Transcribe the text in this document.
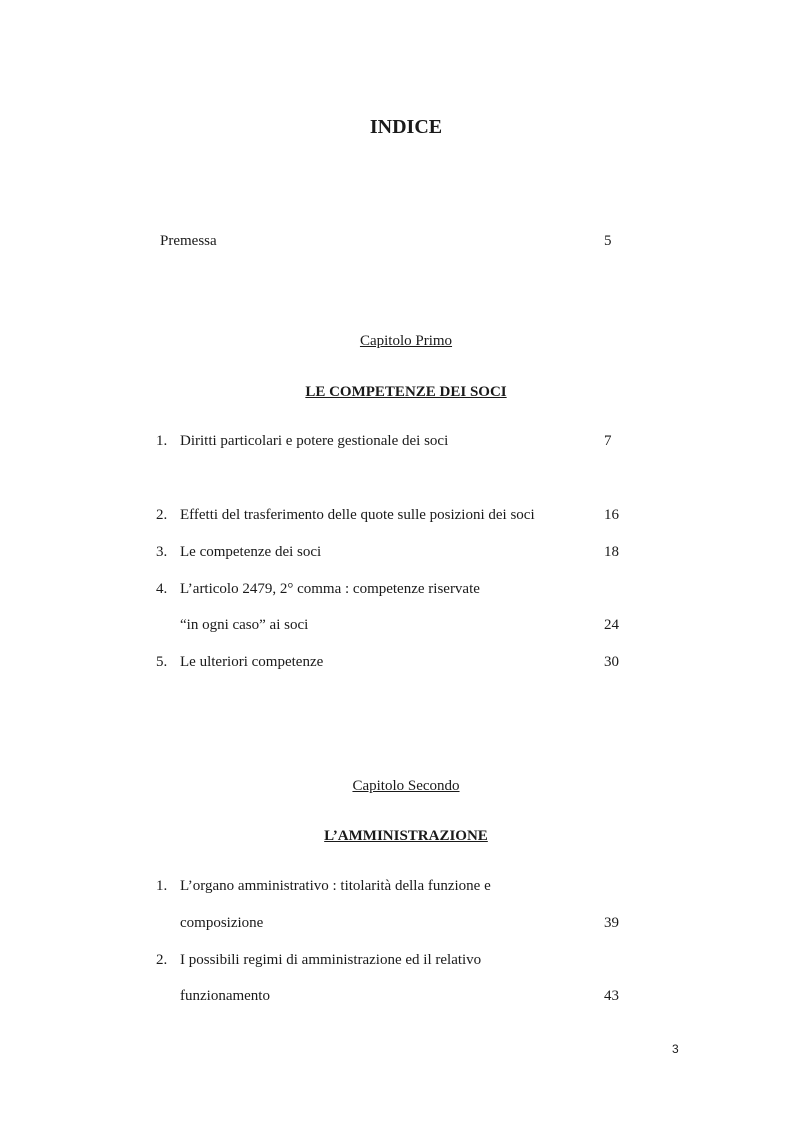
INDICE
Premessa	5
Capitolo Primo
LE COMPETENZE DEI SOCI
1. Diritti particolari e potere gestionale dei soci	7
2. Effetti del trasferimento delle quote sulle posizioni dei soci	16
3. Le competenze dei soci	18
4. L’articolo 2479, 2° comma : competenze riservate
“in ogni caso” ai soci	24
5. Le ulteriori competenze	30
Capitolo Secondo
L’AMMINISTRAZIONE
1. L’organo amministrativo : titolarità della funzione e
composizione	39
2. I possibili regimi di amministrazione ed il relativo
funzionamento	43
3
